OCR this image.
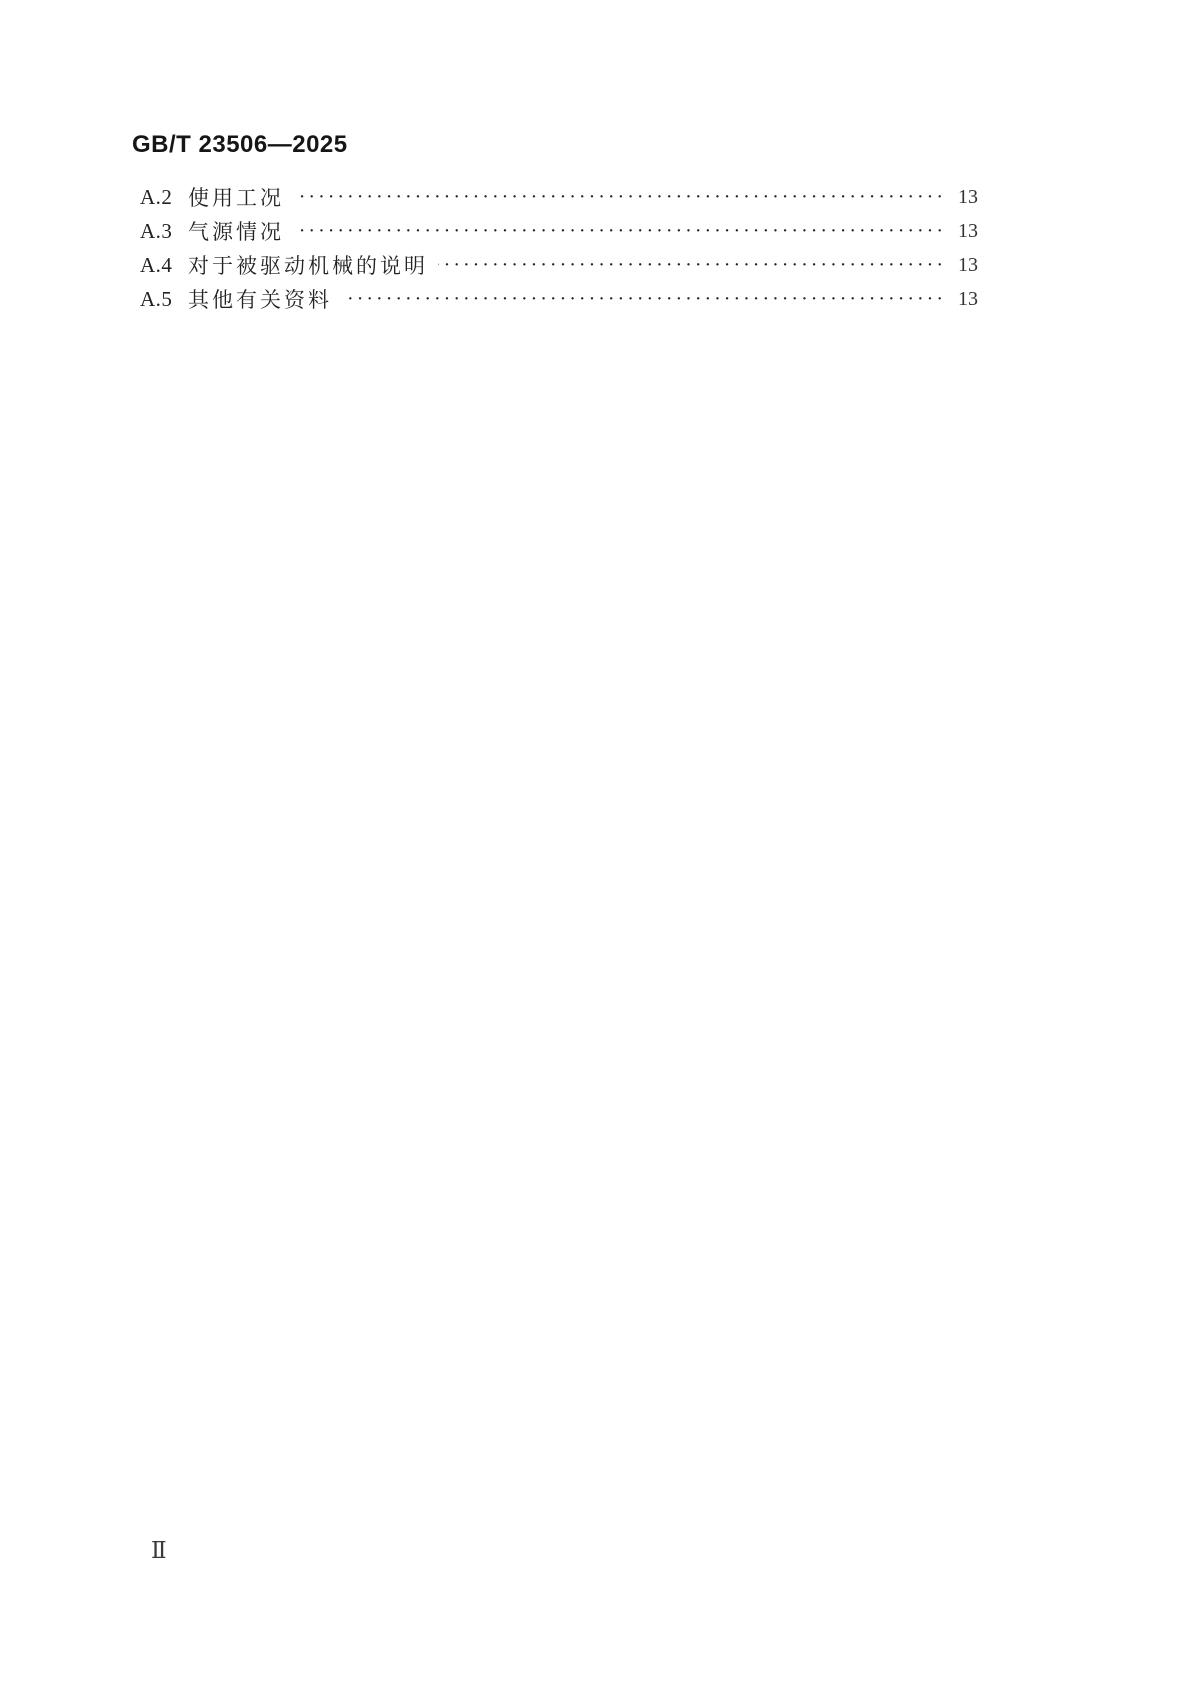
GB/T 23506—2025
A.2 使用工况 ·····	13
A.3 气源情况 ·····	13
A.4 对于被驱动机械的说明 ·····	13
A.5 其他有关资料 ·····	13
Ⅱ
